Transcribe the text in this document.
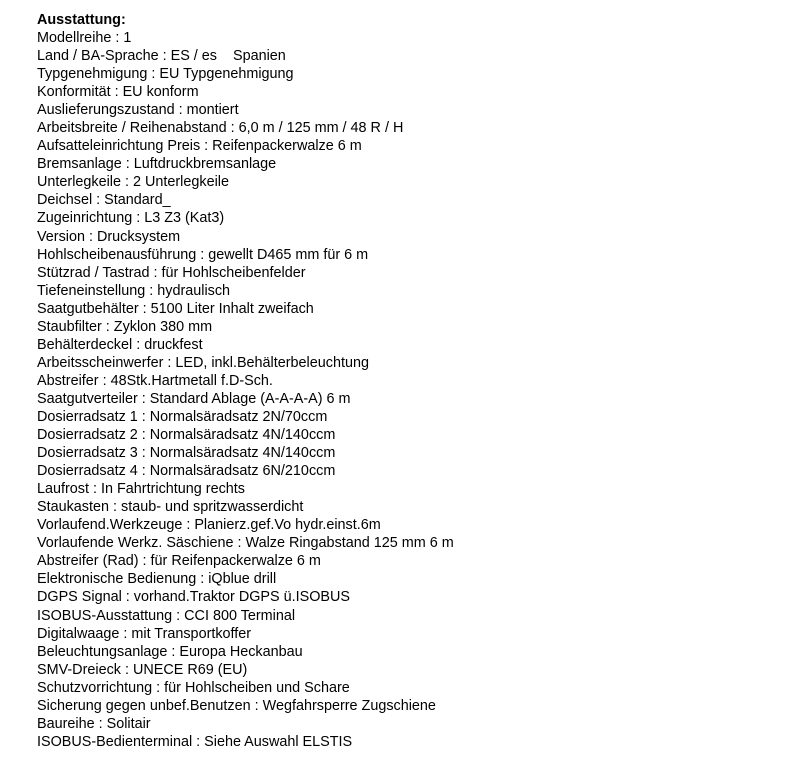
Ausstattung:
Modellreihe : 1
Land / BA-Sprache : ES / es    Spanien
Typgenehmigung : EU Typgenehmigung
Konformität : EU konform
Auslieferungszustand : montiert
Arbeitsbreite / Reihenabstand : 6,0 m / 125 mm / 48 R / H
Aufsatteleinrichtung Preis : Reifenpackerwalze 6 m
Bremsanlage : Luftdruckbremsanlage
Unterlegkeile : 2 Unterlegkeile
Deichsel : Standard_
Zugeinrichtung : L3 Z3 (Kat3)
Version : Drucksystem
Hohlscheibenausführung : gewellt D465 mm für 6 m
Stützrad / Tastrad : für Hohlscheibenfelder
Tiefeneinstellung : hydraulisch
Saatgutbehälter : 5100 Liter Inhalt zweifach
Staubfilter : Zyklon 380 mm
Behälterdeckel : druckfest
Arbeitsscheinwerfer : LED, inkl.Behälterbeleuchtung
Abstreifer : 48Stk.Hartmetall f.D-Sch.
Saatgutverteiler : Standard Ablage (A-A-A-A) 6 m
Dosierradsatz 1 : Normalsäradsatz 2N/70ccm
Dosierradsatz 2 : Normalsäradsatz 4N/140ccm
Dosierradsatz 3 : Normalsäradsatz 4N/140ccm
Dosierradsatz 4 : Normalsäradsatz 6N/210ccm
Laufrost : In Fahrtrichtung rechts
Staukasten : staub- und spritzwasserdicht
Vorlaufend.Werkzeuge : Planierz.gef.Vo hydr.einst.6m
Vorlaufende Werkz. Säschiene : Walze Ringabstand 125 mm 6 m
Abstreifer (Rad) : für Reifenpackerwalze 6 m
Elektronische Bedienung : iQblue drill
DGPS Signal : vorhand.Traktor DGPS ü.ISOBUS
ISOBUS-Ausstattung : CCI 800 Terminal
Digitalwaage : mit Transportkoffer
Beleuchtungsanlage : Europa Heckanbau
SMV-Dreieck : UNECE R69 (EU)
Schutzvorrichtung : für Hohlscheiben und Schare
Sicherung gegen unbef.Benutzen : Wegfahrsperre Zugschiene
Baureihe : Solitair
ISOBUS-Bedienterminal : Siehe Auswahl ELSTIS
